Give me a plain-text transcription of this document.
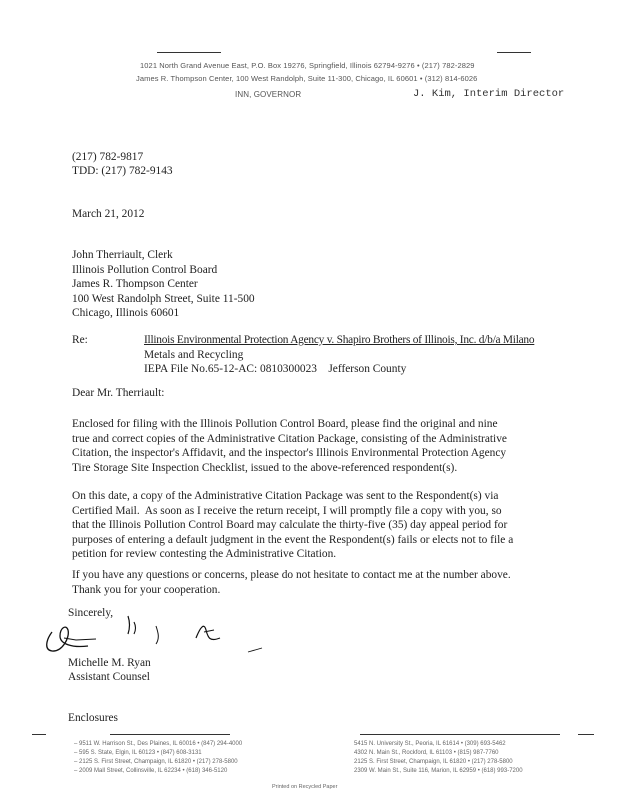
1021 North Grand Avenue East, P.O. Box 19276, Springfield, Illinois 62794-9276 • (217) 782-2829
James R. Thompson Center, 100 West Randolph, Suite 11-300, Chicago, IL 60601 • (312) 814-6026
INN, GOVERNOR	J. Kim, Interim Director
(217) 782-9817
TDD: (217) 782-9143
March 21, 2012
John Therriault, Clerk
Illinois Pollution Control Board
James R. Thompson Center
100 West Randolph Street, Suite 11-500
Chicago, Illinois 60601
Re:	Illinois Environmental Protection Agency v. Shapiro Brothers of Illinois, Inc. d/b/a Milano
Metals and Recycling
IEPA File No.65-12-AC: 0810300023    Jefferson County
Dear Mr. Therriault:
Enclosed for filing with the Illinois Pollution Control Board, please find the original and nine
true and correct copies of the Administrative Citation Package, consisting of the Administrative
Citation, the inspector's Affidavit, and the inspector's Illinois Environmental Protection Agency
Tire Storage Site Inspection Checklist, issued to the above-referenced respondent(s).
On this date, a copy of the Administrative Citation Package was sent to the Respondent(s) via
Certified Mail.  As soon as I receive the return receipt, I will promptly file a copy with you, so
that the Illinois Pollution Control Board may calculate the thirty-five (35) day appeal period for
purposes of entering a default judgment in the event the Respondent(s) fails or elects not to file a
petition for review contesting the Administrative Citation.
If you have any questions or concerns, please do not hesitate to contact me at the number above.
Thank you for your cooperation.
Sincerely,
Michelle M. Ryan
Assistant Counsel
Enclosures
– 9511 W. Harrison St., Des Plaines, IL 60016 • (847) 294-4000
– 595 S. State, Elgin, IL 60123 • (847) 608-3131
– 2125 S. First Street, Champaign, IL 61820 • (217) 278-5800
– 2009 Mall Street, Collinsville, IL 62234 • (618) 346-5120
5415 N. University St., Peoria, IL 61614 • (309) 693-5462
4302 N. Main St., Rockford, IL 61103 • (815) 987-7760
2125 S. First Street, Champaign, IL 61820 • (217) 278-5800
2309 W. Main St., Suite 116, Marion, IL 62959 • (618) 993-7200
Printed on Recycled Paper
